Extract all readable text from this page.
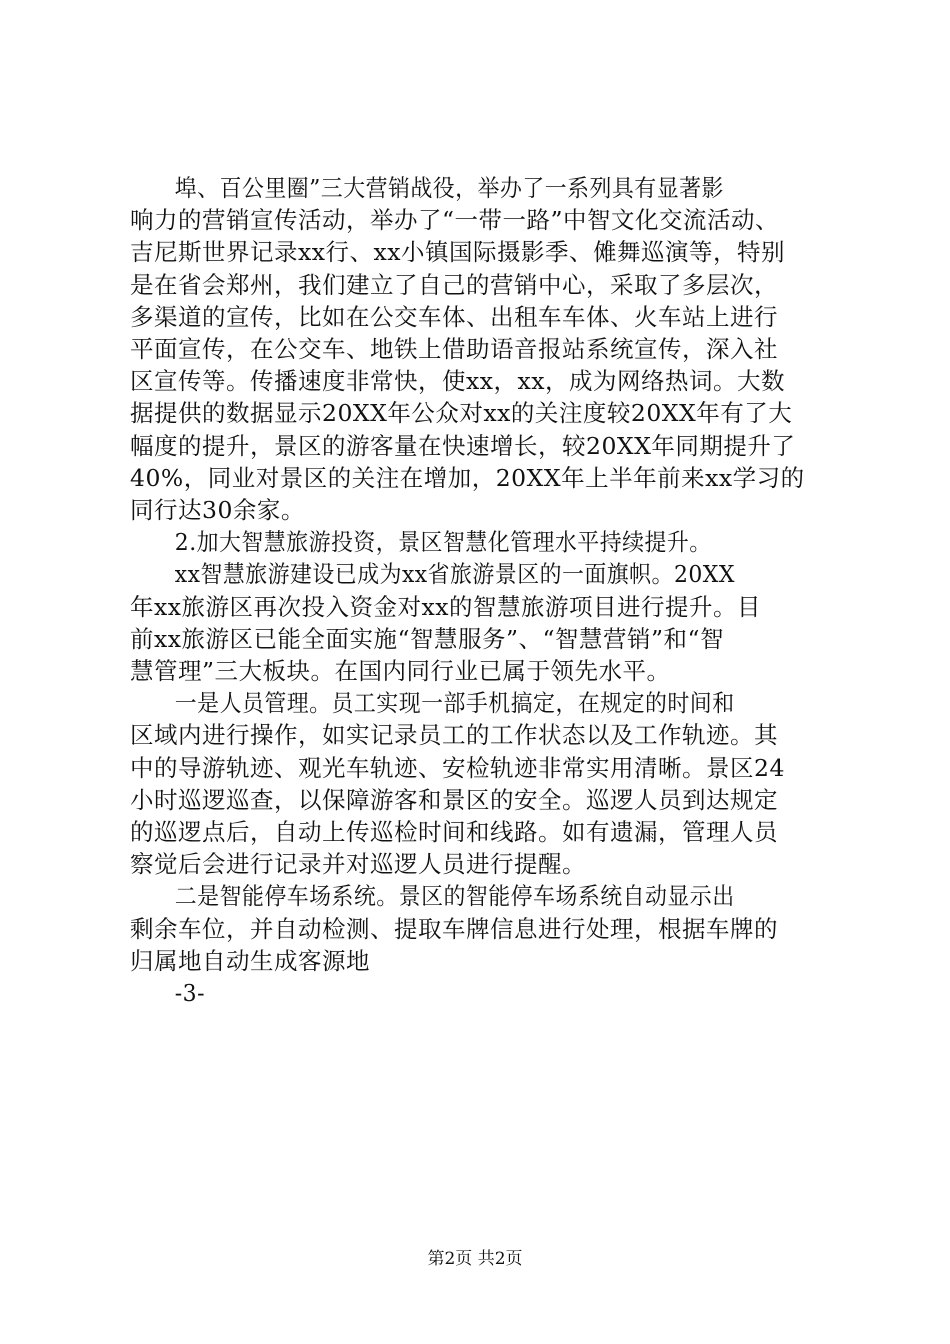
埠、百公里圈”三大营销战役，举办了一系列具有显著影
响力的营销宣传活动，举办了“一带一路”中智文化交流活动、
吉尼斯世界记录xx行、xx小镇国际摄影季、傩舞巡演等，特别
是在省会郑州，我们建立了自己的营销中心，采取了多层次，
多渠道的宣传，比如在公交车体、出租车车体、火车站上进行
平面宣传，在公交车、地铁上借助语音报站系统宣传，深入社
区宣传等。传播速度非常快，使xx，xx，成为网络热词。大数
据提供的数据显示20XX年公众对xx的关注度较20XX年有了大
幅度的提升，景区的游客量在快速增长，较20XX年同期提升了
40%，同业对景区的关注在增加，20XX年上半年前来xx学习的
同行达30余家。
2.加大智慧旅游投资，景区智慧化管理水平持续提升。
xx智慧旅游建设已成为xx省旅游景区的一面旗帜。20XX
年xx旅游区再次投入资金对xx的智慧旅游项目进行提升。目
前xx旅游区已能全面实施“智慧服务”、“智慧营销”和“智
慧管理”三大板块。在国内同行业已属于领先水平。
一是人员管理。员工实现一部手机搞定，在规定的时间和
区域内进行操作，如实记录员工的工作状态以及工作轨迹。其
中的导游轨迹、观光车轨迹、安检轨迹非常实用清晰。景区24
小时巡逻巡查，以保障游客和景区的安全。巡逻人员到达规定
的巡逻点后，自动上传巡检时间和线路。如有遗漏，管理人员
察觉后会进行记录并对巡逻人员进行提醒。
二是智能停车场系统。景区的智能停车场系统自动显示出
剩余车位，并自动检测、提取车牌信息进行处理，根据车牌的
归属地自动生成客源地
-3-
第2页 共2页
